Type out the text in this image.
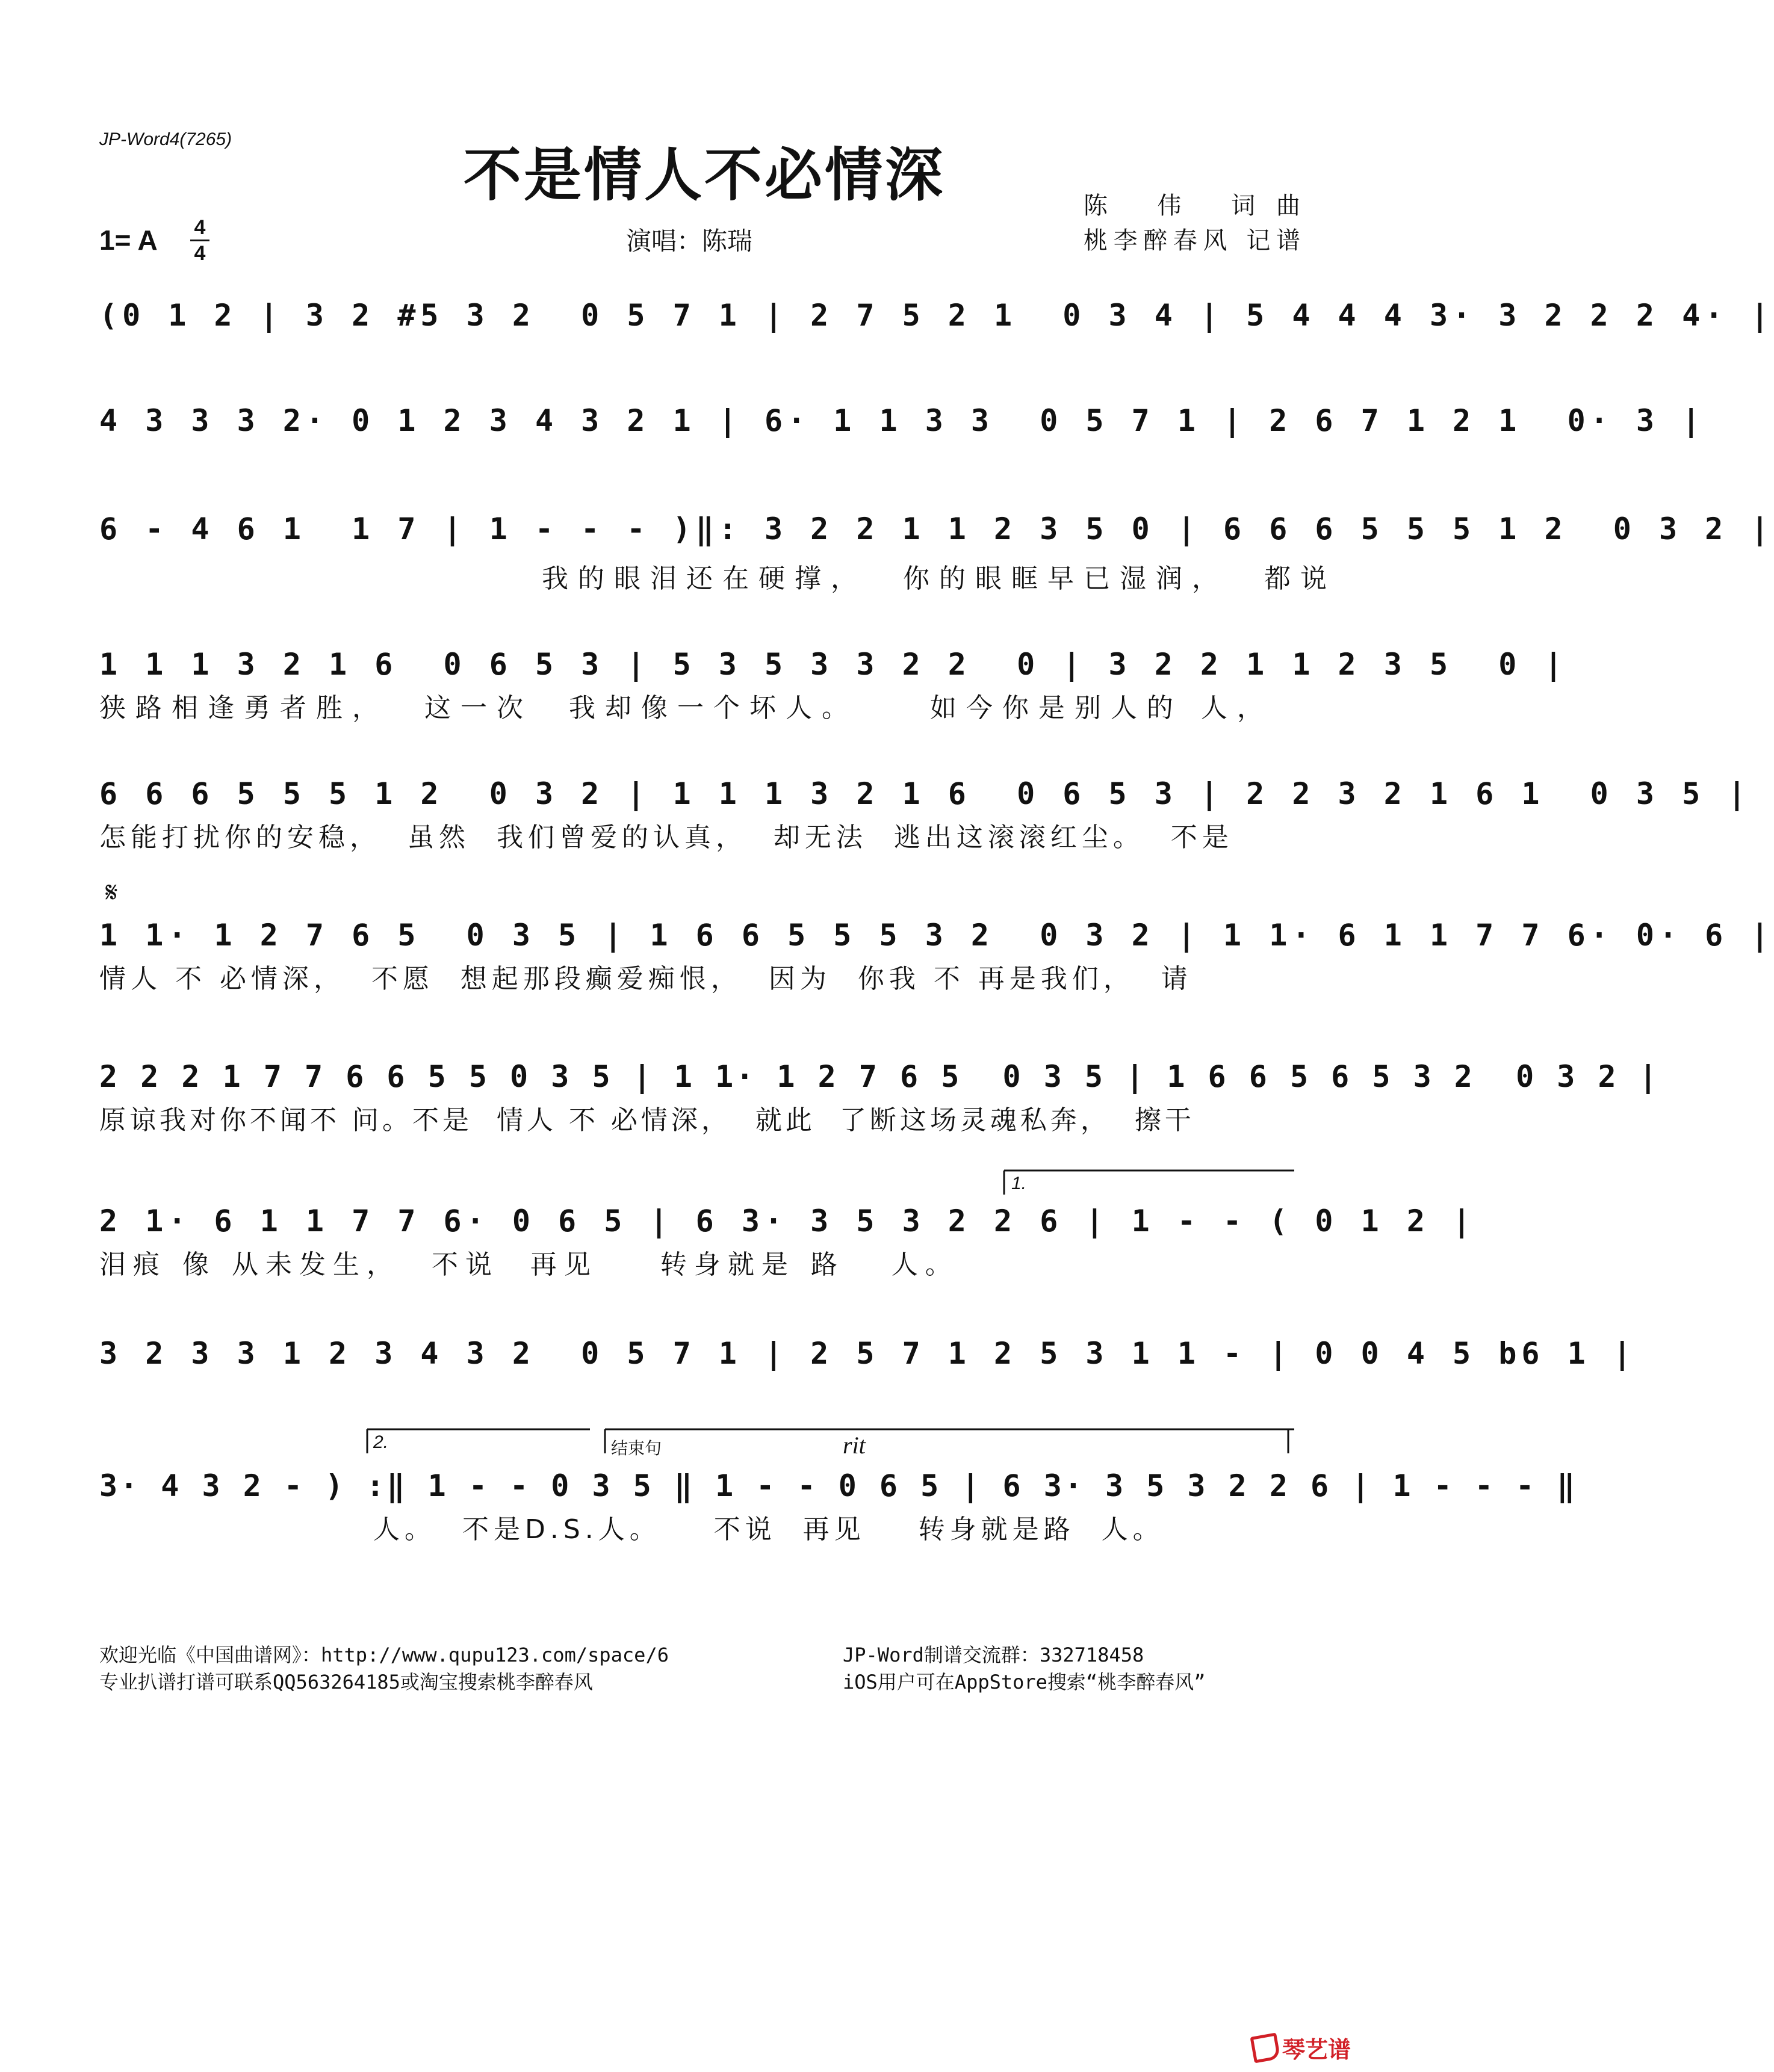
JP-Word4(7265)
不是情人不必情深
1= A	4
4	演唱：陈瑞
陈 伟 词曲
桃李醉春风 记谱
(0 1 2 | 3 2 #5 3 2  0 5 7 1 | 2 7 5 2 1  0 3 4 | 5 4 4 4 3· 3 2 2 2 4· |
4 3 3 3 2· 0 1 2 3 4 3 2 1 | 6· 1 1 3 3  0 5 7 1 | 2 6 7 1 2 1  0· 3 |
6 - 4 6 1  1 7 | 1 - - - )‖: 3 2 2 1 1 2 3 5 0 | 6 6 6 5 5 5 1 2  0 3 2 |
我的眼泪还在硬撑，  你的眼眶早已湿润，  都说
1 1 1 3 2 1 6  0 6 5 3 | 5 3 5 3 3 2 2  0 | 3 2 2 1 1 2 3 5  0 |
狭路相逢勇者胜，  这一次  我却像一个坏人。    如今你是别人的 人，
6 6 6 5 5 5 1 2  0 3 2 | 1 1 1 3 2 1 6  0 6 5 3 | 2 2 3 2 1 6 1  0 3 5 |
怎能打扰你的安稳，  虽然  我们曾爱的认真，  却无法  逃出这滚滚红尘。  不是
𝄋
1 1· 1 2 7 6 5  0 3 5 | 1 6 6 5 5 5 3 2  0 3 2 | 1 1· 6 1 1 7 7 6· 0· 6 |
情人 不 必情深，  不愿  想起那段癫爱痴恨，  因为  你我 不 再是我们，  请
2 2 2 1 7 7 6 6 5 5 0 3 5 | 1 1· 1 2 7 6 5  0 3 5 | 1 6 6 5 6 5 3 2  0 3 2 |
原谅我对你不闻不 问。不是  情人 不 必情深，  就此  了断这场灵魂私奔，  擦干
1.
2 1· 6 1 1 7 7 6· 0 6 5 | 6 3· 3 5 3 2 2 6 | 1 - - ( 0 1 2 |
泪痕 像 从未发生，  不说  再见    转身就是 路   人。
3 2 3 3 1 2 3 4 3 2  0 5 7 1 | 2 5 7 1 2 5 3 1 1 - | 0 0 4 5 b6 1 |
2.	结束句	rit
3· 4 3 2 - ) :‖ 1 - - 0 3 5 ‖ 1 - - 0 6 5 | 6 3· 3 5 3 2 2 6 | 1 - - - ‖
人。  不是D.S.人。    不说  再见    转身就是路  人。
欢迎光临《中国曲谱网》：http://www.qupu123.com/space/6
专业扒谱打谱可联系QQ563264185或淘宝搜索桃李醉春风
JP-Word制谱交流群：332718458
iOS用户可在AppStore搜索“桃李醉春风”
琴艺谱
